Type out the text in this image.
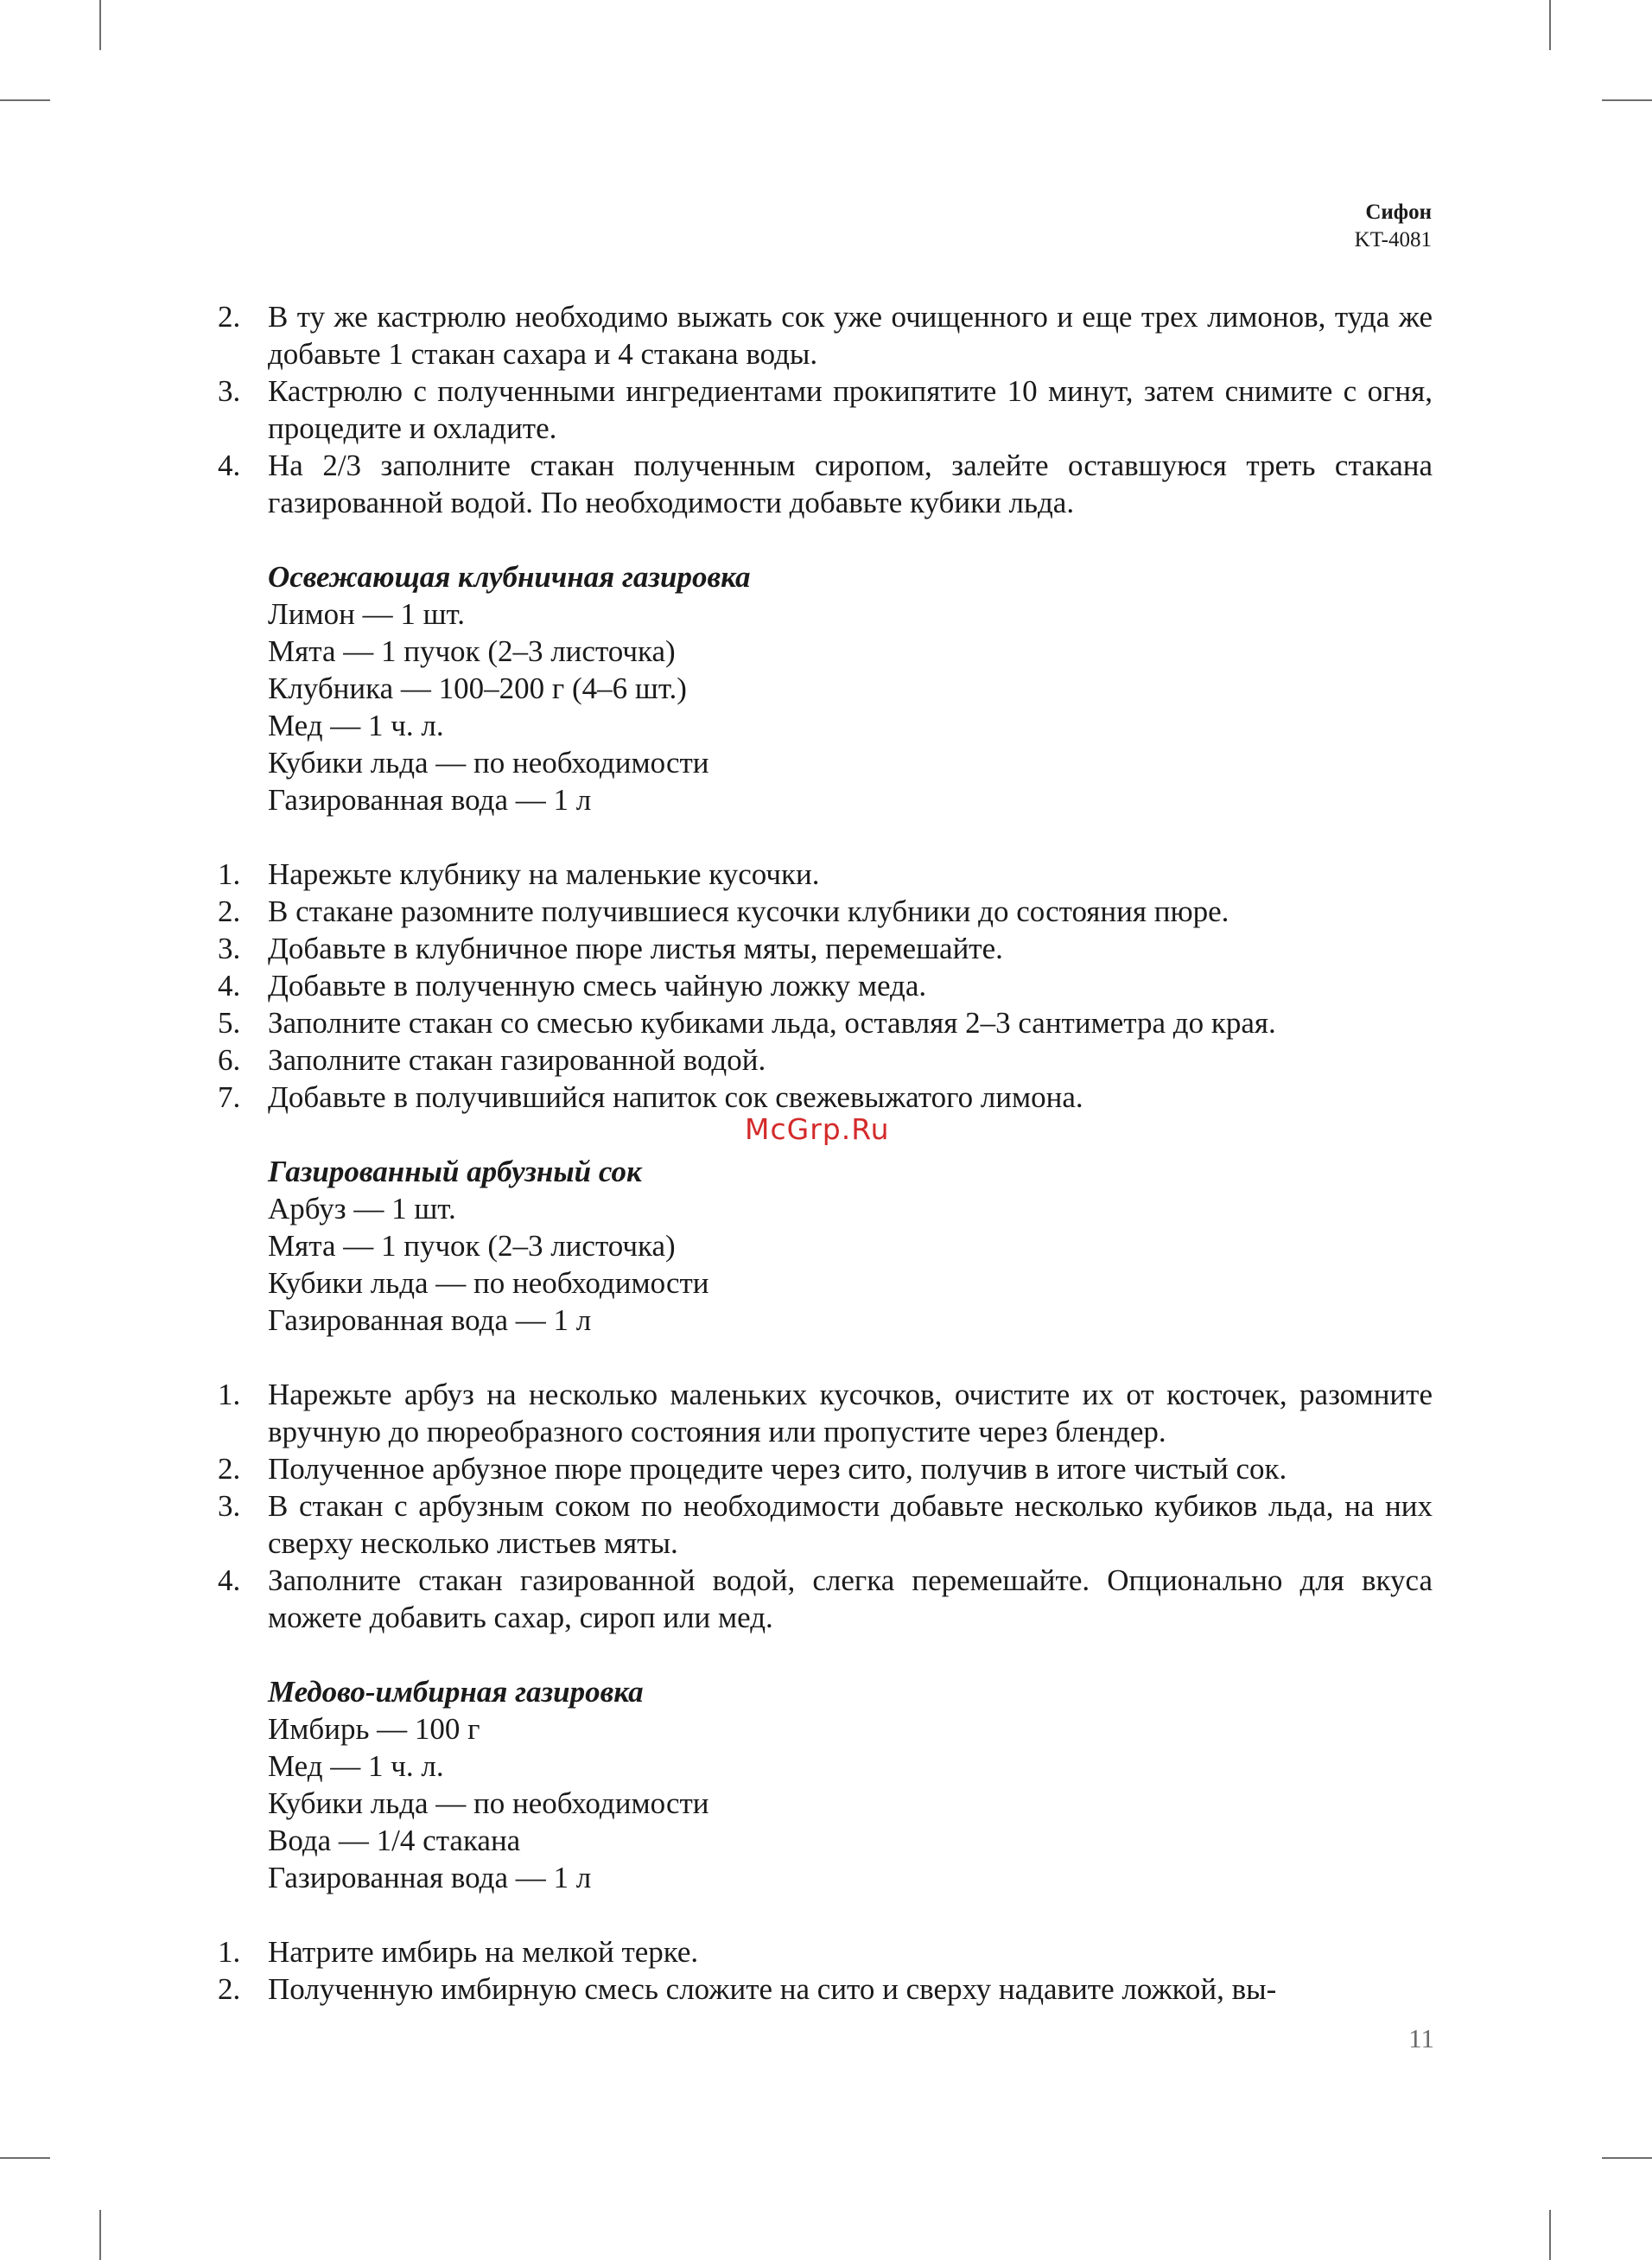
Сифон
KT-4081
2. В ту же кастрюлю необходимо выжать сок уже очищенного и еще трех лимонов, туда же добавьте 1 стакан сахара и 4 стакана воды.
3. Кастрюлю с полученными ингредиентами прокипятите 10 минут, затем снимите с огня, процедите и охладите.
4. На 2/3 заполните стакан полученным сиропом, залейте оставшуюся треть стакана газированной водой. По необходимости добавьте кубики льда.
Освежающая клубничная газировка
Лимон — 1 шт.
Мята — 1 пучок (2–3 листочка)
Клубника — 100–200 г (4–6 шт.)
Мед — 1 ч. л.
Кубики льда — по необходимости
Газированная вода — 1 л
1. Нарежьте клубнику на маленькие кусочки.
2. В стакане разомните получившиеся кусочки клубники до состояния пюре.
3. Добавьте в клубничное пюре листья мяты, перемешайте.
4. Добавьте в полученную смесь чайную ложку меда.
5. Заполните стакан со смесью кубиками льда, оставляя 2–3 сантиметра до края.
6. Заполните стакан газированной водой.
7. Добавьте в получившийся напиток сок свежевыжатого лимона.
Газированный арбузный сок
Арбуз — 1 шт.
Мята — 1 пучок (2–3 листочка)
Кубики льда — по необходимости
Газированная вода — 1 л
1. Нарежьте арбуз на несколько маленьких кусочков, очистите их от косточек, разомните вручную до пюреобразного состояния или пропустите через блендер.
2. Полученное арбузное пюре процедите через сито, получив в итоге чистый сок.
3. В стакан с арбузным соком по необходимости добавьте несколько кубиков льда, на них сверху несколько листьев мяты.
4. Заполните стакан газированной водой, слегка перемешайте. Опционально для вкуса можете добавить сахар, сироп или мед.
Медово-имбирная газировка
Имбирь — 100 г
Мед — 1 ч. л.
Кубики льда — по необходимости
Вода — 1/4 стакана
Газированная вода — 1 л
1. Натрите имбирь на мелкой терке.
2. Полученную имбирную смесь сложите на сито и сверху надавите ложкой, вы-
McGrp.Ru
11
